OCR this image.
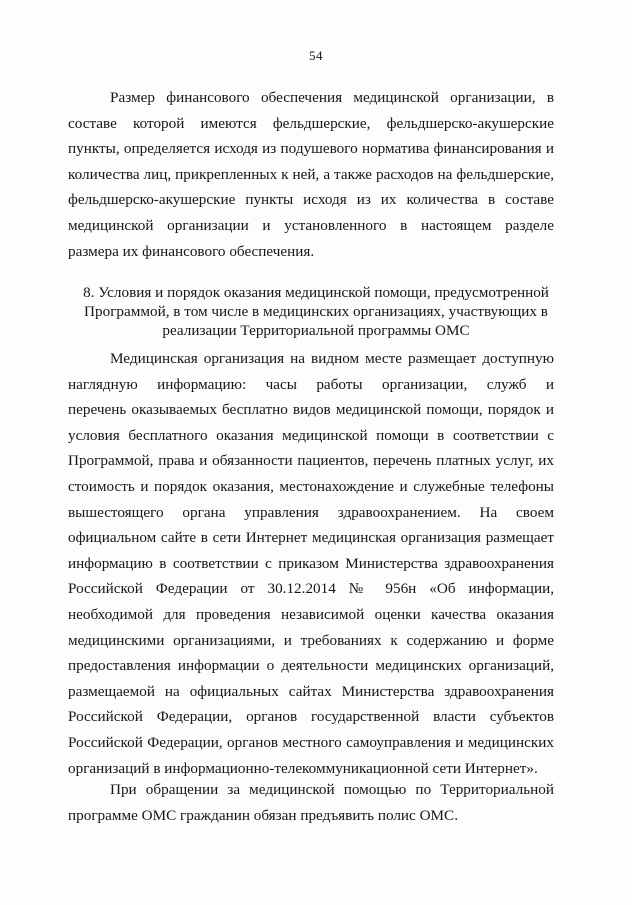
54
Размер финансового обеспечения медицинской организации, в
составе которой имеются фельдшерские, фельдшерско-акушерские
пункты, определяется исходя из подушевого норматива финансирования и
количества лиц, прикрепленных к ней, а также расходов на фельдшерские,
фельдшерско-акушерские пункты исходя из их количества в составе
медицинской организации и установленного в настоящем разделе
размера их финансового обеспечения.
8. Условия и порядок оказания медицинской помощи, предусмотренной
Программой, в том числе в медицинских организациях, участвующих в
реализации Территориальной программы ОМС
Медицинская организация на видном месте размещает доступную
наглядную информацию: часы работы организации, служб и
перечень оказываемых бесплатно видов медицинской помощи, порядок и
условия бесплатного оказания медицинской помощи в соответствии с
Программой, права и обязанности пациентов, перечень платных услуг, их
стоимость и порядок оказания, местонахождение и служебные телефоны
вышестоящего органа управления здравоохранением. На своем
официальном сайте в сети Интернет медицинская организация размещает
информацию в соответствии с приказом Министерства здравоохранения
Российской Федерации от 30.12.2014 № 956н «Об информации,
необходимой для проведения независимой оценки качества оказания
медицинскими организациями, и требованиях к содержанию и форме
предоставления информации о деятельности медицинских организаций,
размещаемой на официальных сайтах Министерства здравоохранения
Российской Федерации, органов государственной власти субъектов
Российской Федерации, органов местного самоуправления и медицинских
организаций в информационно-телекоммуникационной сети Интернет».
При обращении за медицинской помощью по Территориальной
программе ОМС гражданин обязан предъявить полис ОМС.
